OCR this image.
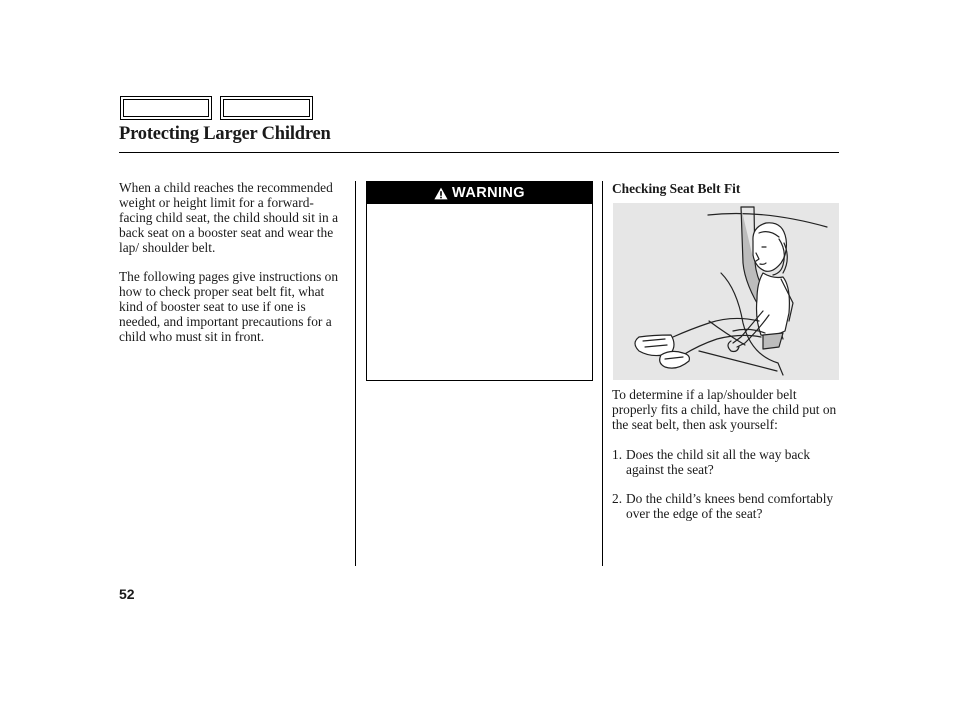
Protecting Larger Children

When a child reaches the recommended weight or height limit for a forward-facing child seat, the child should sit in a back seat on a booster seat and wear the lap/ shoulder belt.

The following pages give instructions on how to check proper seat belt fit, what kind of booster seat to use if one is needed, and important precautions for a child who must sit in front.

WARNING	Checking Seat Belt Fit

To determine if a lap/shoulder belt properly fits a child, have the child put on the seat belt, then ask yourself:

1. Does the child sit all the way back against the seat?
2. Do the child’s knees bend comfortably over the edge of the seat?
52
